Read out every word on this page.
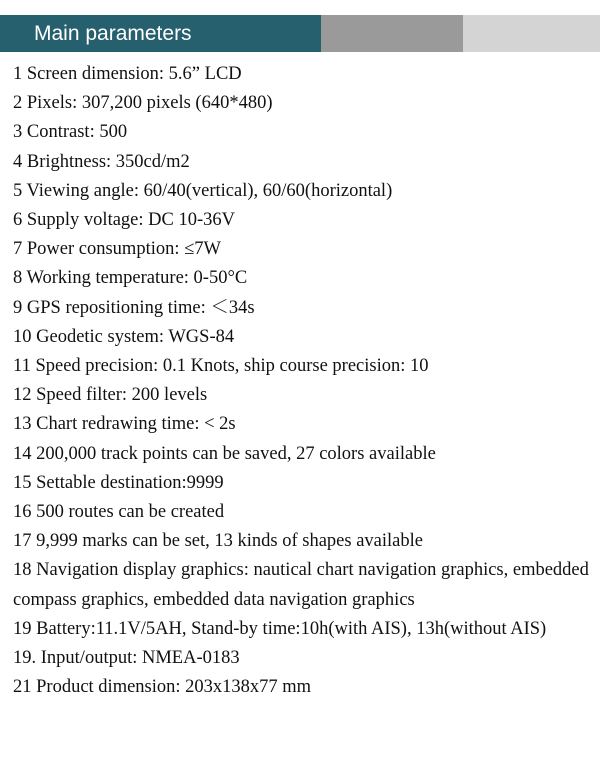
Main parameters
1 Screen dimension: 5.6” LCD
2 Pixels: 307,200 pixels (640*480)
3 Contrast: 500
4 Brightness: 350cd/m2
5 Viewing angle: 60/40(vertical), 60/60(horizontal)
6 Supply voltage: DC 10-36V
7 Power consumption: ≤7W
8 Working temperature: 0-50°C
9 GPS repositioning time: ＜34s
10 Geodetic system: WGS-84
11 Speed precision: 0.1 Knots, ship course precision: 10
12 Speed filter: 200 levels
13 Chart redrawing time: < 2s
14 200,000 track points can be saved, 27 colors available
15 Settable destination:9999
16 500 routes can be created
17 9,999 marks can be set, 13 kinds of shapes available
18 Navigation display graphics: nautical chart navigation graphics, embedded compass graphics, embedded data navigation graphics
19 Battery:11.1V/5AH, Stand-by time:10h(with AIS), 13h(without AIS)
19. Input/output: NMEA-0183
21 Product dimension: 203x138x77 mm
